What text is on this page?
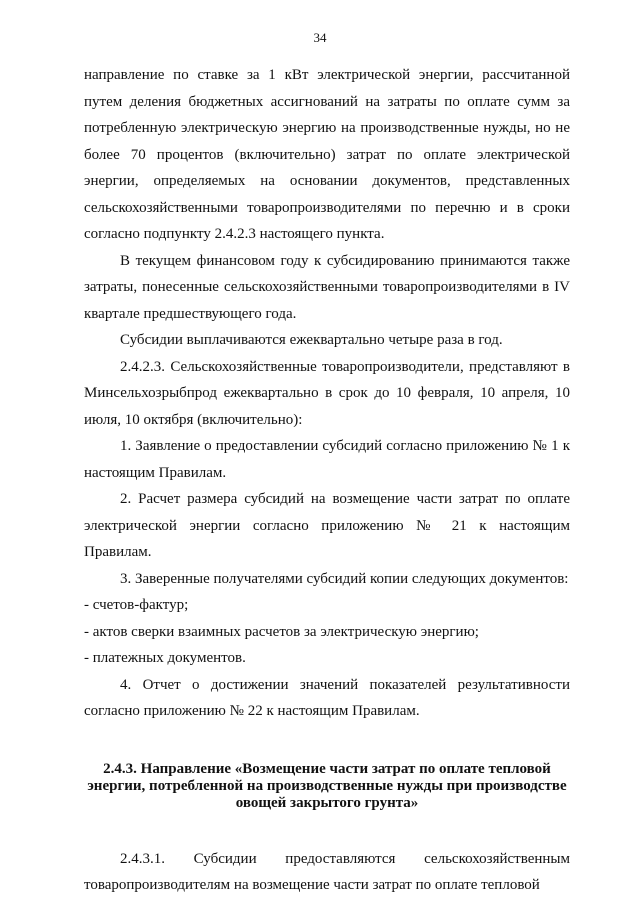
34

направление по ставке за 1 кВт электрической энергии, рассчитанной путем деления бюджетных ассигнований на затраты по оплате сумм за потребленную электрическую энергию на производственные нужды, но не более 70 процентов (включительно) затрат по оплате электрической энергии, определяемых на основании документов, представленных сельскохозяйственными товаропроизводителями по перечню и в сроки согласно подпункту 2.4.2.3 настоящего пункта.

В текущем финансовом году к субсидированию принимаются также затраты, понесенные сельскохозяйственными товаропроизводителями в IV квартале предшествующего года.

Субсидии выплачиваются ежеквартально четыре раза в год.

2.4.2.3. Сельскохозяйственные товаропроизводители, представляют в Минсельхозрыбпрод ежеквартально в срок до 10 февраля, 10 апреля, 10 июля, 10 октября (включительно):

1. Заявление о предоставлении субсидий согласно приложению № 1 к настоящим Правилам.

2. Расчет размера субсидий на возмещение части затрат по оплате электрической энергии согласно приложению № 21 к настоящим Правилам.

3. Заверенные получателями субсидий копии следующих документов:

- счетов-фактур;

- актов сверки взаимных расчетов за электрическую энергию;

- платежных документов.

4. Отчет о достижении значений показателей результативности согласно приложению № 22 к настоящим Правилам.

2.4.3. Направление «Возмещение части затрат по оплате тепловой
энергии, потребленной на производственные нужды при производстве
овощей закрытого грунта»

2.4.3.1. Субсидии предоставляются сельскохозяйственным товаропроизводителям на возмещение части затрат по оплате тепловой
